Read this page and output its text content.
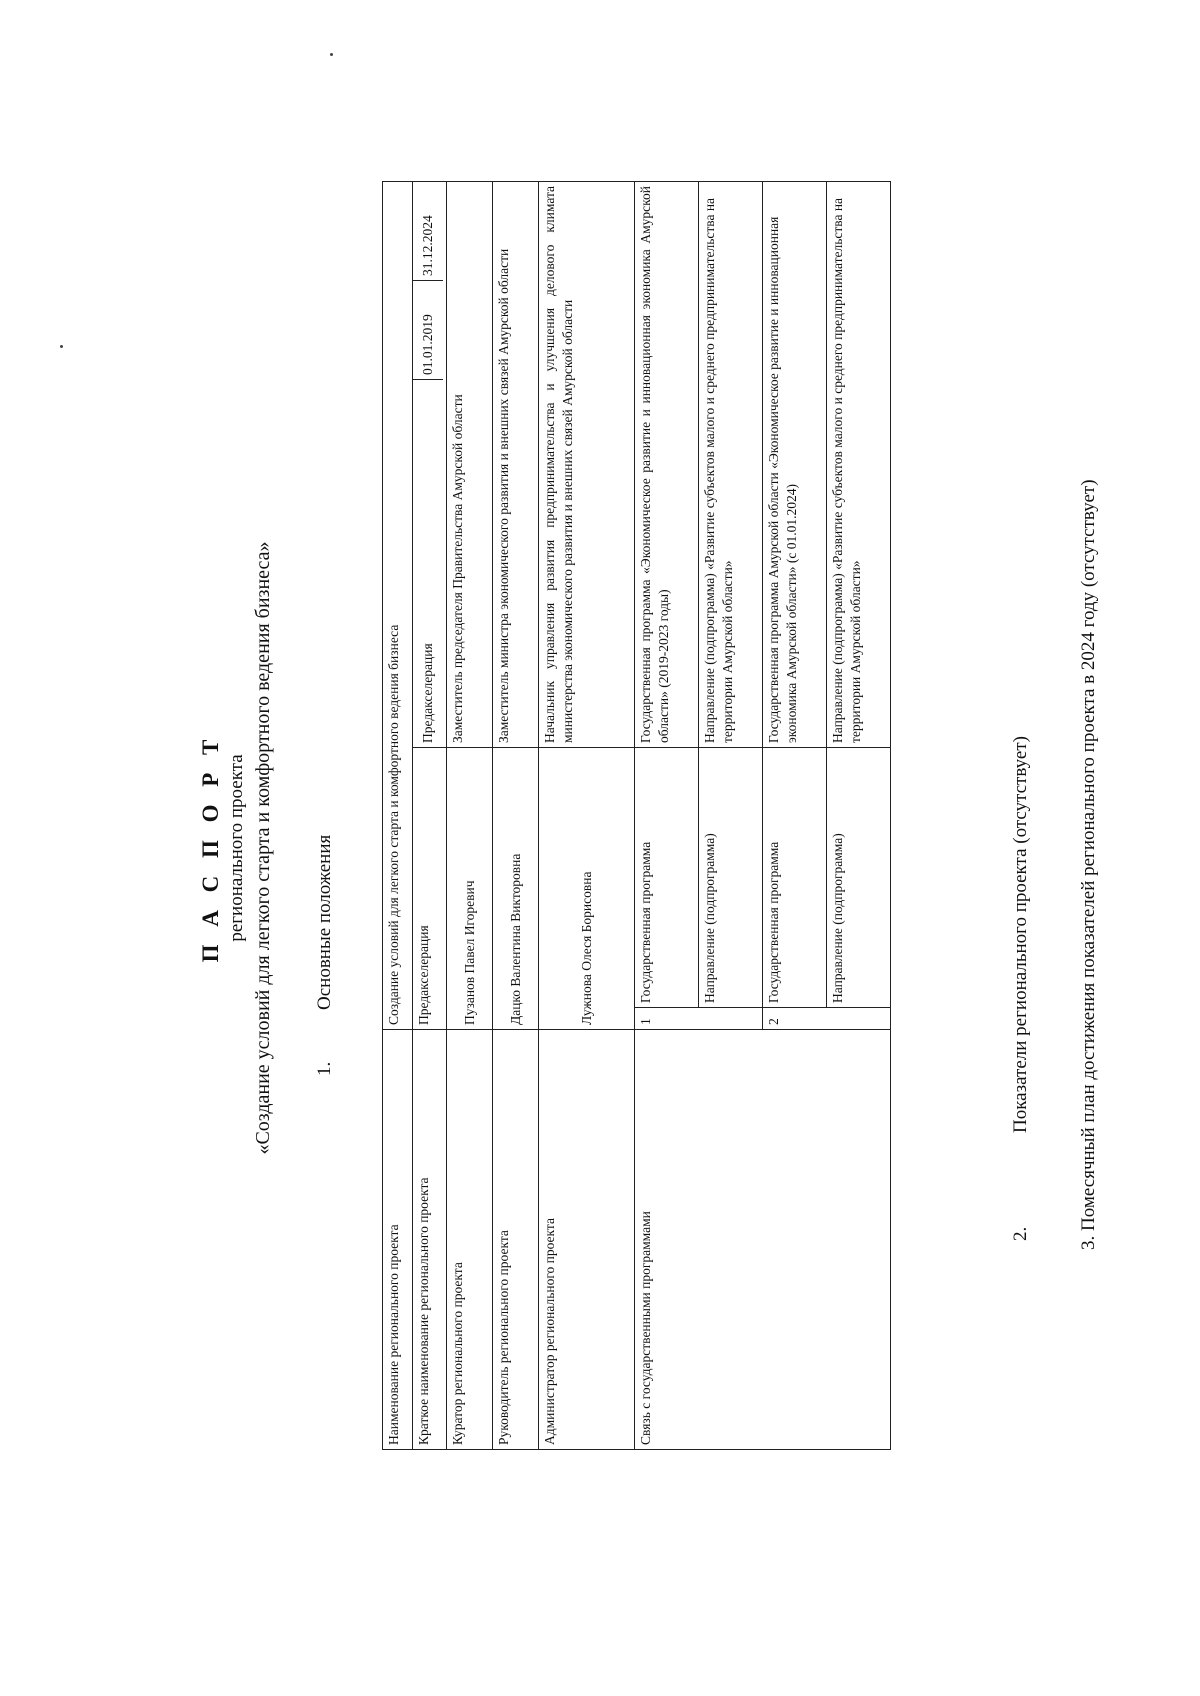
П А С П О Р Т регионального проекта «Создание условий для легкого старта и комфортного ведения бизнеса» 1.Основные положения
Наименование регионального проекта	Создание условий для легкого старта и комфортного ведения бизнеса
Краткое наименование регионального проекта	Предакселерация	
Предакселерация	01.01.2019	31.12.2024

Куратор регионального проекта	Пузанов Павел Игоревич	Заместитель председателя Правительства Амурской области
Руководитель регионального проекта	Дацко Валентина Викторовна	Заместитель министра экономического развития и внешних связей Амурской области
Администратор регионального проекта	Лужнова Олеся Борисовна	Начальник управления развития предпринимательства и улучшения делового климата министерства экономического развития и внешних связей Амурской области
Связь с государственными программами	1	Государственная программа	Государственная программа «Экономическое развитие и инновационная экономика Амурской области» (2019-2023 годы)
Направление (подпрограмма)	Направление (подпрограмма) «Развитие субъектов малого и среднего предпринимательства на территории Амурской области»
2	Государственная программа	Государственная программа Амурской области «Экономическое развитие и инновационная экономика Амурской области» (с 01.01.2024)
Направление (подпрограмма)	Направление (подпрограмма) «Развитие субъектов малого и среднего предпринимательства на территории Амурской области»
2.Показатели регионального проекта (отсутствует) 3. Помесячный план достижения показателей регионального проекта в 2024 году (отсутствует)
